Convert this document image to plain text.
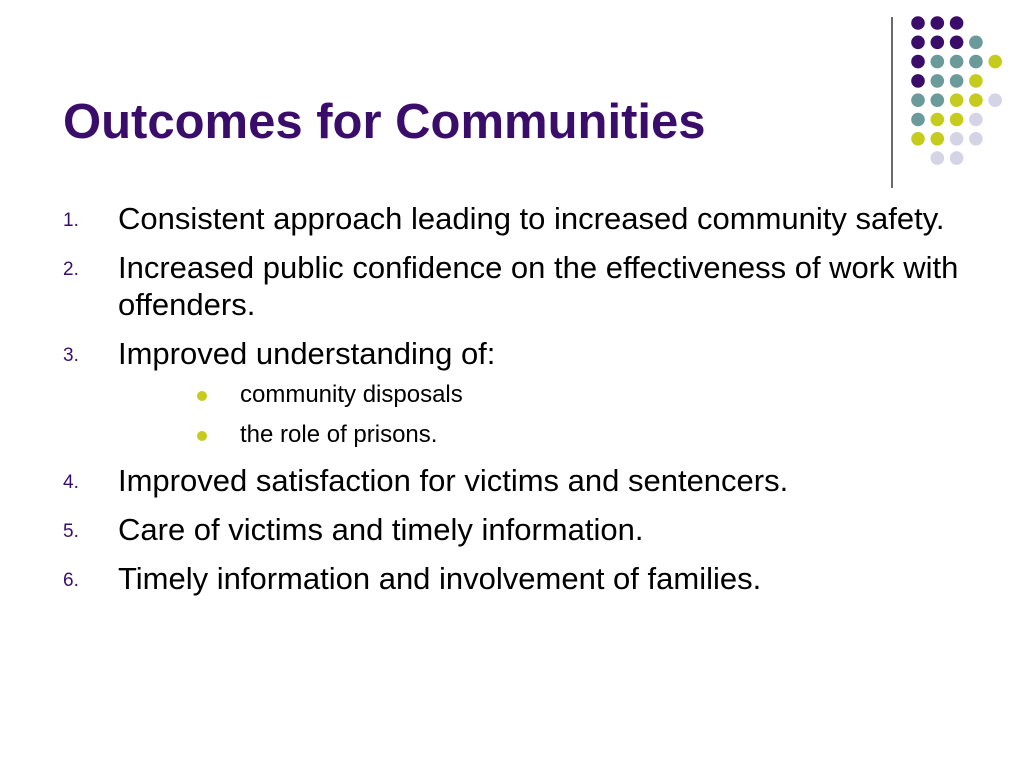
Outcomes for Communities
1. Consistent approach leading to increased community safety.
2. Increased public confidence on the effectiveness of work with offenders.
3. Improved understanding of:
community disposals
the role of prisons.
4. Improved satisfaction for victims and sentencers.
5. Care of victims and timely information.
6. Timely information and involvement of families.
